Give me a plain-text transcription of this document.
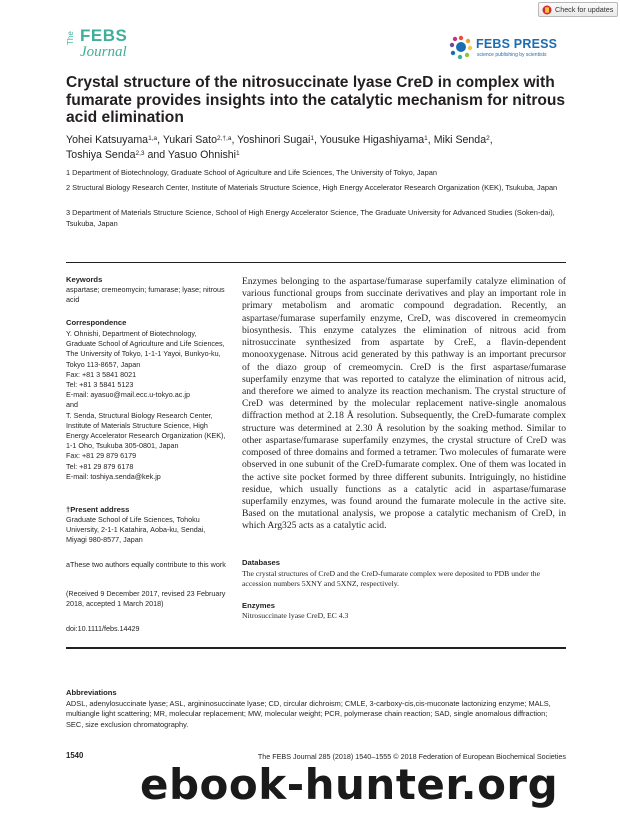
Check for updates
The FEBS
Journal	FEBS PRESS
science publishing by scientists
Crystal structure of the nitrosuccinate lyase CreD in complex with fumarate provides insights into the catalytic mechanism for nitrous acid elimination
Yohei Katsuyama$^{1,a}$, Yukari Sato$^{2,\dagger,a}$, Yoshinori Sugai$^1$, Yousuke Higashiyama$^1$, Miki Senda$^2$,
Toshiya Senda$^{2,3}$ and Yasuo Ohnishi$^1$
1 Department of Biotechnology, Graduate School of Agriculture and Life Sciences, The University of Tokyo, Japan
2 Structural Biology Research Center, Institute of Materials Structure Science, High Energy Accelerator Research Organization (KEK), Tsukuba, Japan
3 Department of Materials Structure Science, School of High Energy Accelerator Science, The Graduate University for Advanced Studies (Soken-dai), Tsukuba, Japan
Keywords
aspartase; cremeomycin; fumarase; lyase; nitrous acid
Correspondence
Y. Ohnishi, Department of Biotechnology, Graduate School of Agriculture and Life Sciences, The University of Tokyo, 1-1-1 Yayoi, Bunkyo-ku, Tokyo 113-8657, Japan
Fax: +81 3 5841 8021
Tel: +81 3 5841 5123
E-mail: ayasuo@mail.ecc.u-tokyo.ac.jp
and
T. Senda, Structural Biology Research Center, Institute of Materials Structure Science, High Energy Accelerator Research Organization (KEK), 1-1 Oho, Tsukuba 305-0801, Japan
Fax: +81 29 879 6179
Tel: +81 29 879 6178
E-mail: toshiya.senda@kek.jp
†Present address
Graduate School of Life Sciences, Tohoku University, 2-1-1 Katahira, Aoba-ku, Sendai, Miyagi 980-8577, Japan
aThese two authors equally contribute to this work
(Received 9 December 2017, revised 23 February 2018, accepted 1 March 2018)
doi:10.1111/febs.14429
Enzymes belonging to the aspartase/fumarase superfamily catalyze elimination of various functional groups from succinate derivatives and play an important role in primary metabolism and aromatic compound degradation. Recently, an aspartase/fumarase superfamily enzyme, CreD, was discovered in cremeomycin biosynthesis. This enzyme catalyzes the elimination of nitrous acid from nitrosuccinate synthesized from aspartate by CreE, a flavin-dependent monooxygenase. Nitrous acid generated by this pathway is an important precursor of the diazo group of cremeomycin. CreD is the first aspartase/fumarase superfamily enzyme that was reported to catalyze the elimination of nitrous acid, and therefore we aimed to analyze its reaction mechanism. The crystal structure of CreD was determined by the molecular replacement native-single anomalous diffraction method at 2.18 Å resolution. Subsequently, the CreD-fumarate complex structure was determined at 2.30 Å resolution by the soaking method. Similar to other aspartase/fumarase superfamily enzymes, the crystal structure of CreD was composed of three domains and formed a tetramer. Two molecules of fumarate were observed in one subunit of the CreD-fumarate complex. One of them was located in the active site pocket formed by three different subunits. Intriguingly, no histidine residue, which usually functions as a catalytic acid in aspartase/fumarase superfamily enzymes, was found around the fumarate molecule in the active site. Based on the mutational analysis, we propose a catalytic mechanism of CreD, in which Arg325 acts as a catalytic acid.
Databases
The crystal structures of CreD and the CreD-fumarate complex were deposited to PDB under the accession numbers 5XNY and 5XNZ, respectively.
Enzymes
Nitrosuccinate lyase CreD, EC 4.3
Abbreviations
ADSL, adenylosuccinate lyase; ASL, argininosuccinate lyase; CD, circular dichroism; CMLE, 3-carboxy-cis,cis-muconate lactonizing enzyme; MALS, multiangle light scattering; MR, molecular replacement; MW, molecular weight; PCR, polymerase chain reaction; SAD, single anomalous diffraction; SEC, size exclusion chromatography.
1540	The FEBS Journal 285 (2018) 1540–1555 © 2018 Federation of European Biochemical Societies
ebook-hunter.org
